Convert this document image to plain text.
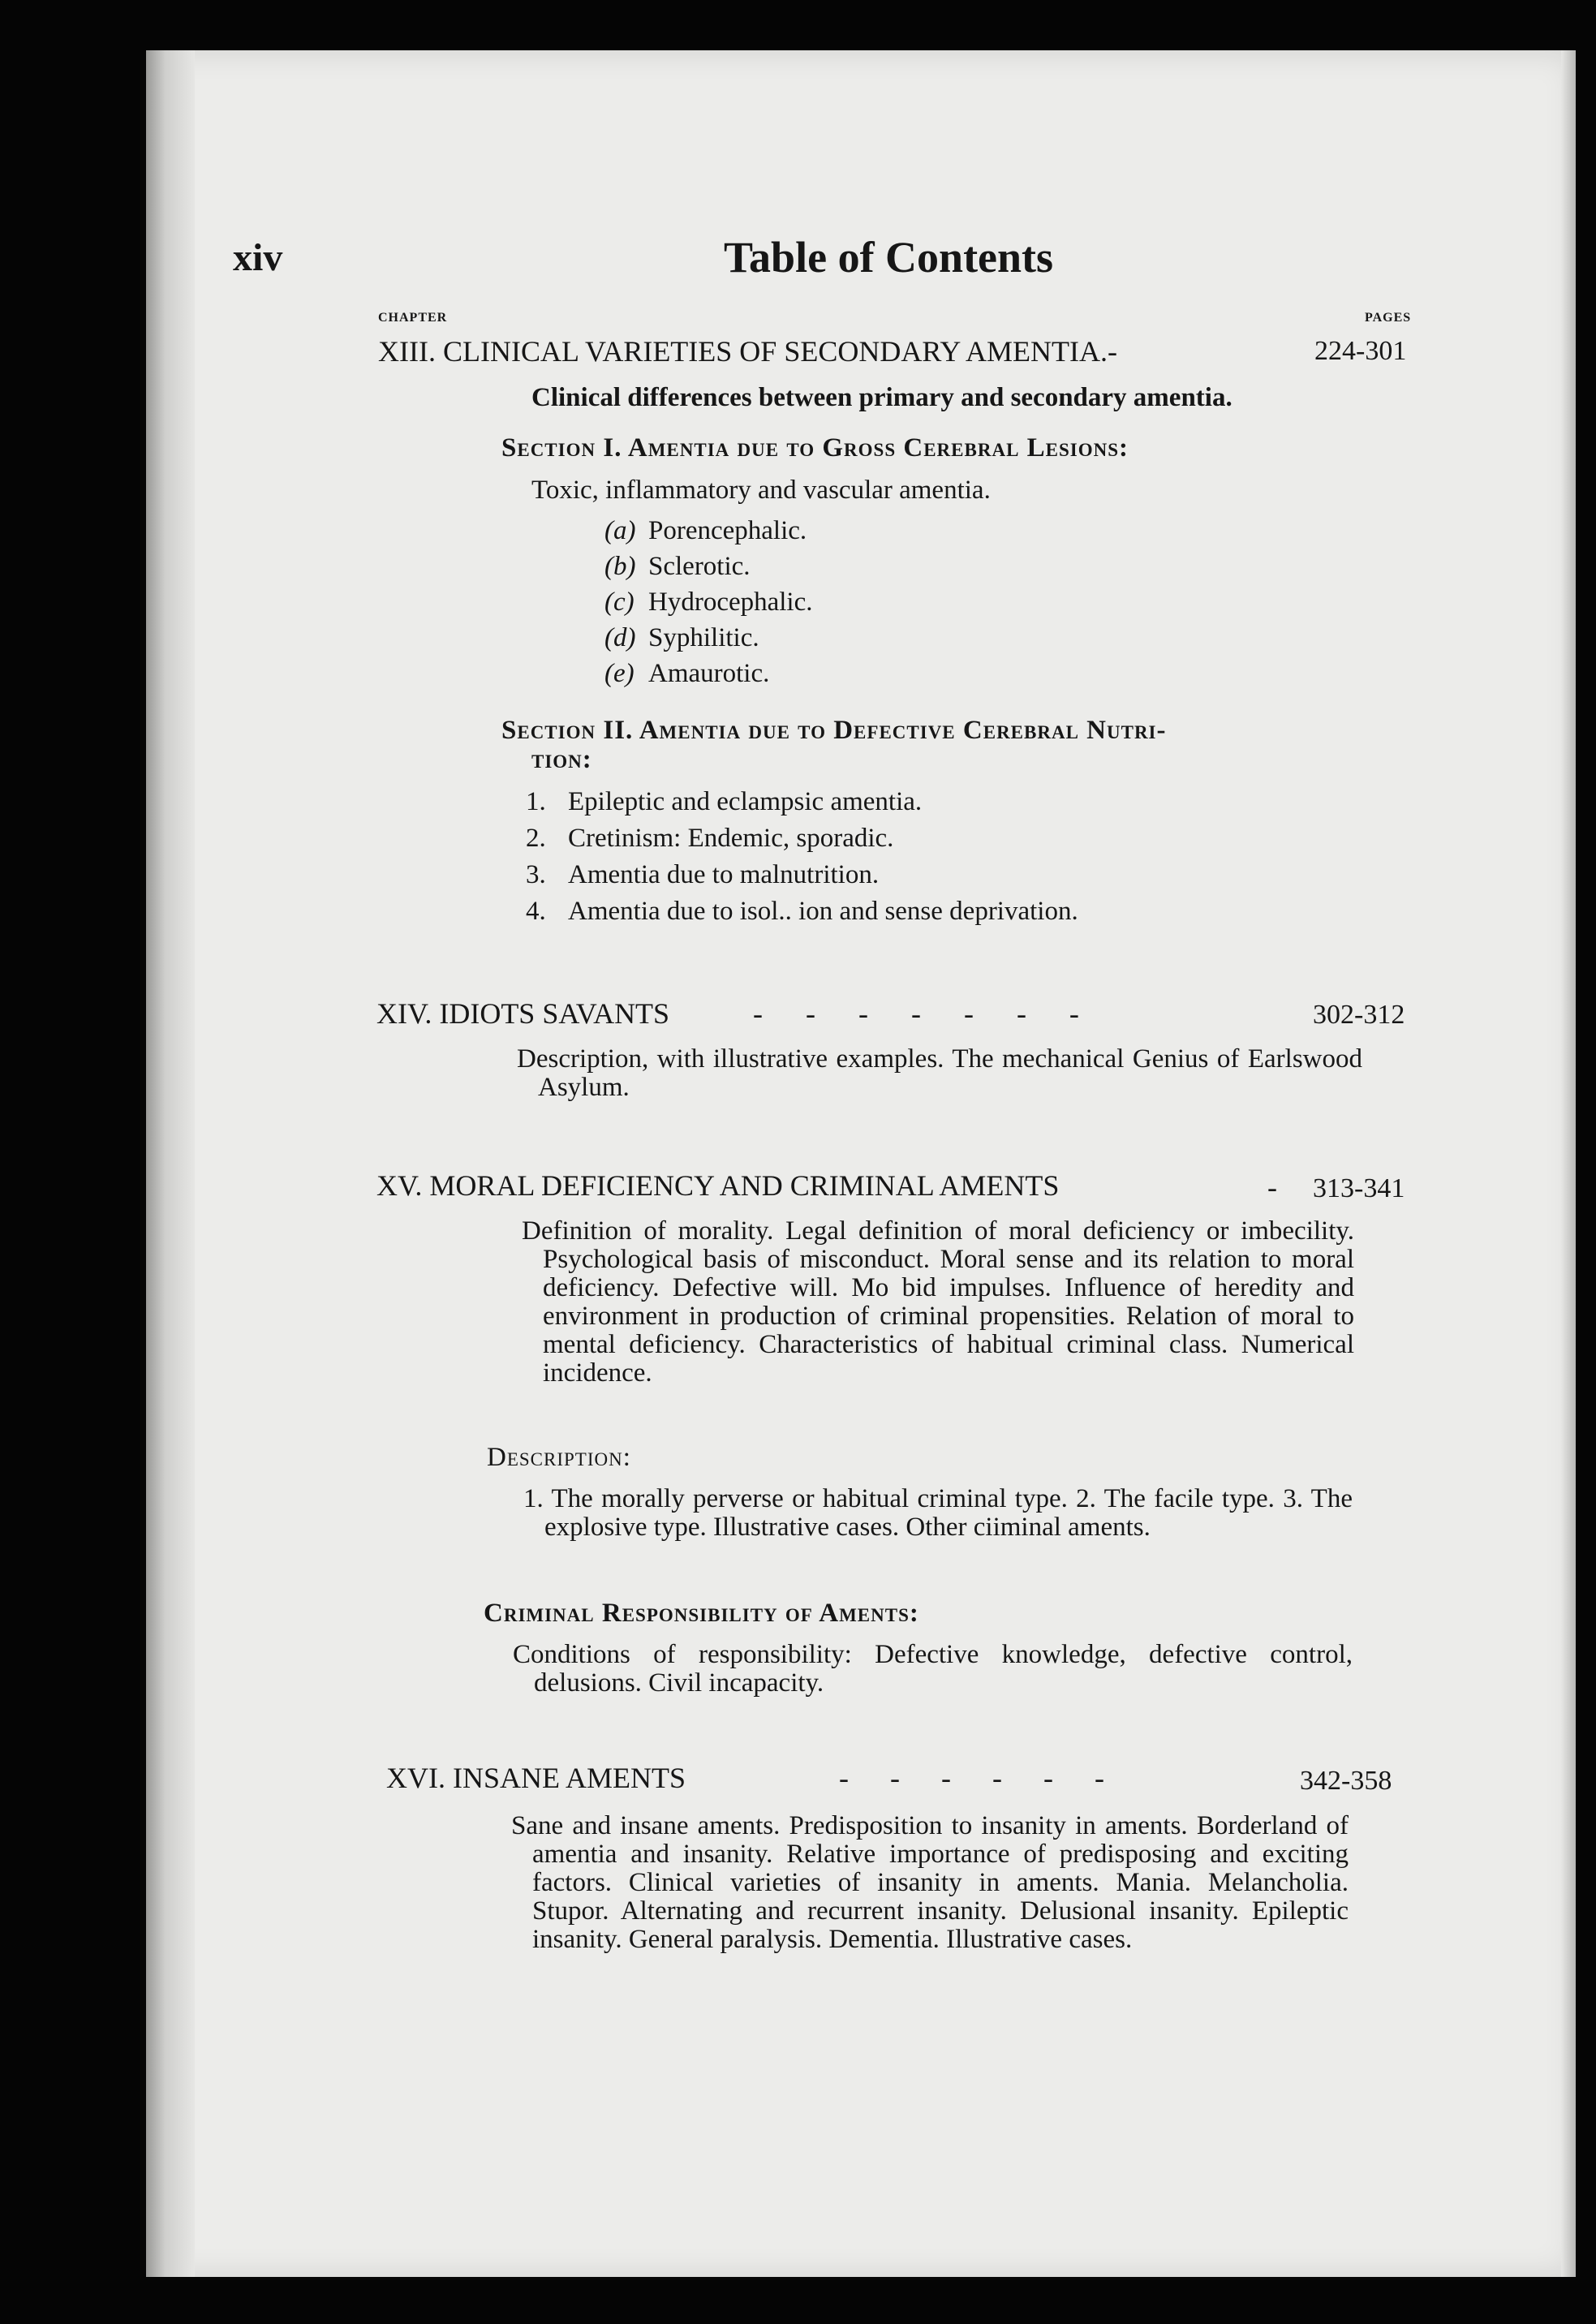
xiv	Table of Contents
CHAPTER	PAGES
XIII. CLINICAL VARIETIES OF SECONDARY AMENTIA.-	224-301
Clinical differences between primary and secondary amentia.
Section I. Amentia due to Gross Cerebral Lesions:
Toxic, inflammatory and vascular amentia.
(a) Porencephalic.
(b) Sclerotic.
(c) Hydrocephalic.
(d) Syphilitic.
(e) Amaurotic.
Section II. Amentia due to Defective Cerebral Nutri-
tion:
1. Epileptic and eclampsic amentia.
2. Cretinism: Endemic, sporadic.
3. Amentia due to malnutrition.
4. Amentia due to isol.. ion and sense deprivation.
XIV. IDIOTS SAVANTS	- - - - - - -	302-312
Description, with illustrative examples. The mechanical Genius of Earlswood Asylum.
XV. MORAL DEFICIENCY AND CRIMINAL AMENTS	- 313-341
Definition of morality. Legal definition of moral deficiency or imbecility. Psychological basis of misconduct. Moral sense and its relation to moral deficiency. Defective will. Mo bid impulses. Influence of heredity and environment in production of criminal propensities. Relation of moral to mental deficiency. Characteristics of habitual criminal class. Numerical incidence.
Description:
1. The morally perverse or habitual criminal type. 2. The facile type. 3. The explosive type. Illustrative cases. Other ciiminal aments.
Criminal Responsibility of Aments:
Conditions of responsibility: Defective knowledge, defective control, delusions. Civil incapacity.
XVI. INSANE AMENTS	- - - - - -	342-358
Sane and insane aments. Predisposition to insanity in aments. Borderland of amentia and insanity. Relative importance of predisposing and exciting factors. Clinical varieties of insanity in aments. Mania. Melancholia. Stupor. Alternating and recurrent insanity. Delusional insanity. Epileptic insanity. General paralysis. Dementia. Illustrative cases.
